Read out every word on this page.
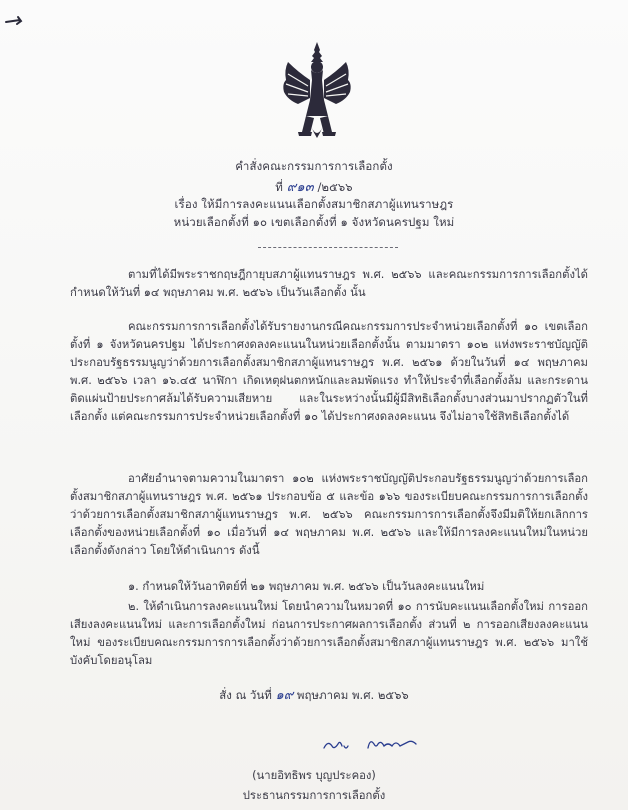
คำสั่งคณะกรรมการการเลือกตั้ง
ที่ ๙๑๓ /๒๕๖๖
เรื่อง ให้มีการลงคะแนนเลือกตั้งสมาชิกสภาผู้แทนราษฎร
หน่วยเลือกตั้งที่ ๑๐ เขตเลือกตั้งที่ ๑ จังหวัดนครปฐม ใหม่
ตามที่ได้มีพระราชกฤษฎีกายุบสภาผู้แทนราษฎร พ.ศ. ๒๕๖๖ และคณะกรรมการการเลือกตั้งได้กำหนดให้วันที่ ๑๔ พฤษภาคม พ.ศ. ๒๕๖๖ เป็นวันเลือกตั้ง นั้น
คณะกรรมการการเลือกตั้งได้รับรายงานกรณีคณะกรรมการประจำหน่วยเลือกตั้งที่ ๑๐ เขตเลือกตั้งที่ ๑ จังหวัดนครปฐม ได้ประกาศงดลงคะแนนในหน่วยเลือกตั้งนั้น ตามมาตรา ๑๐๒ แห่งพระราชบัญญัติประกอบรัฐธรรมนูญว่าด้วยการเลือกตั้งสมาชิกสภาผู้แทนราษฎร พ.ศ. ๒๕๖๑ ด้วยในวันที่ ๑๔ พฤษภาคม พ.ศ. ๒๕๖๖ เวลา ๑๖.๔๕ นาฬิกา เกิดเหตุฝนตกหนักและลมพัดแรง ทำให้ประจำที่เลือกตั้งล้ม และกระดานติดแผ่นป้ายประกาศล้มได้รับความเสียหาย และในระหว่างนั้นมีผู้มีสิทธิเลือกตั้งบางส่วนมาปรากฏตัวในที่เลือกตั้ง แต่คณะกรรมการประจำหน่วยเลือกตั้งที่ ๑๐ ได้ประกาศงดลงคะแนน จึงไม่อาจใช้สิทธิเลือกตั้งได้
อาศัยอำนาจตามความในมาตรา ๑๐๒ แห่งพระราชบัญญัติประกอบรัฐธรรมนูญว่าด้วยการเลือกตั้งสมาชิกสภาผู้แทนราษฎร พ.ศ. ๒๕๖๑ ประกอบข้อ ๕ และข้อ ๑๖๖ ของระเบียบคณะกรรมการการเลือกตั้งว่าด้วยการเลือกตั้งสมาชิกสภาผู้แทนราษฎร พ.ศ. ๒๕๖๖ คณะกรรมการการเลือกตั้งจึงมีมติให้ยกเลิกการเลือกตั้งของหน่วยเลือกตั้งที่ ๑๐ เมื่อวันที่ ๑๔ พฤษภาคม พ.ศ. ๒๕๖๖ และให้มีการลงคะแนนใหม่ในหน่วยเลือกตั้งดังกล่าว โดยให้ดำเนินการ ดังนี้
๑. กำหนดให้วันอาทิตย์ที่ ๒๑ พฤษภาคม พ.ศ. ๒๕๖๖ เป็นวันลงคะแนนใหม่
๒. ให้ดำเนินการลงคะแนนใหม่ โดยนำความในหมวดที่ ๑๐ การนับคะแนนเลือกตั้งใหม่ การออกเสียงลงคะแนนใหม่ และการเลือกตั้งใหม่ ก่อนการประกาศผลการเลือกตั้ง ส่วนที่ ๒ การออกเสียงลงคะแนนใหม่ ของระเบียบคณะกรรมการการเลือกตั้งว่าด้วยการเลือกตั้งสมาชิกสภาผู้แทนราษฎร พ.ศ. ๒๕๖๖ มาใช้บังคับโดยอนุโลม
สั่ง ณ วันที่ ๑๙ พฤษภาคม พ.ศ. ๒๕๖๖
(นายอิทธิพร บุญประคอง)
ประธานกรรมการการเลือกตั้ง
